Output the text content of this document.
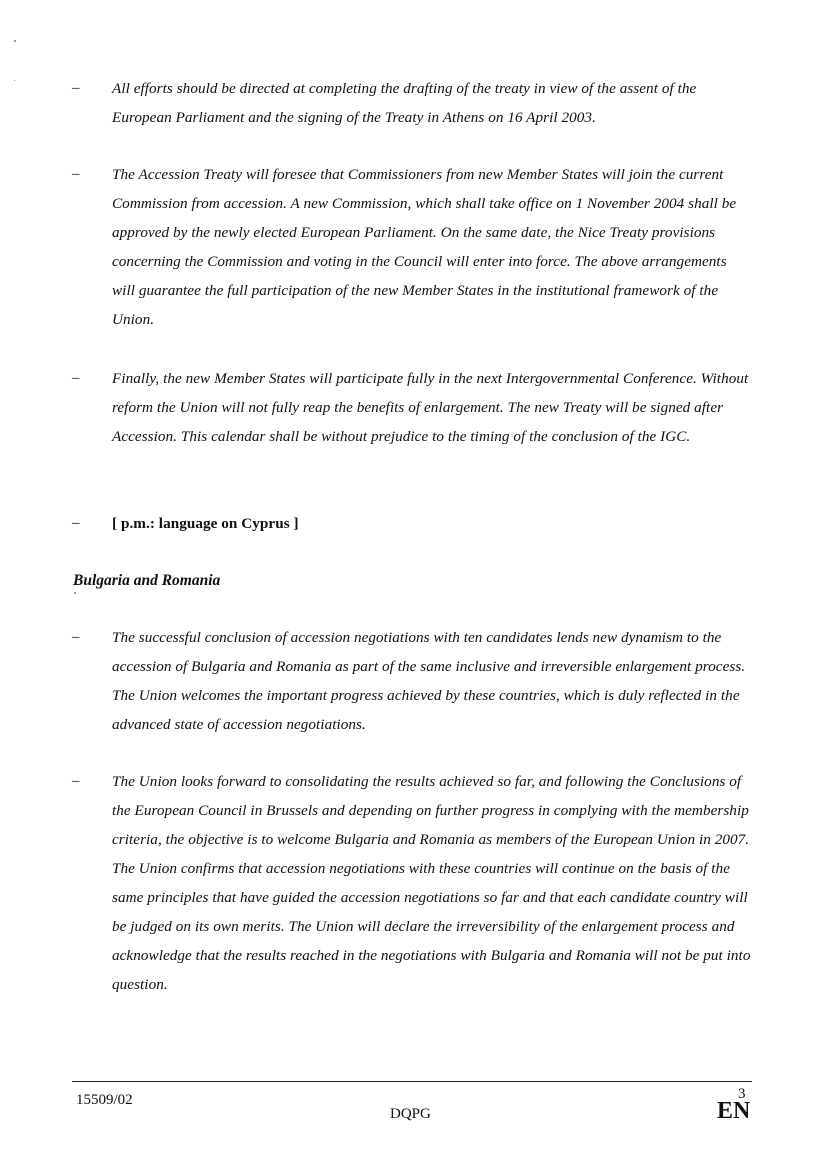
– All efforts should be directed at completing the drafting of the treaty in view of the assent of the European Parliament and the signing of the Treaty in Athens on 16 April 2003.
– The Accession Treaty will foresee that Commissioners from new Member States will join the current Commission from accession. A new Commission, which shall take office on 1 November 2004 shall be approved by the newly elected European Parliament. On the same date, the Nice Treaty provisions concerning the Commission and voting in the Council will enter into force. The above arrangements will guarantee the full participation of the new Member States in the institutional framework of the Union.
– Finally, the new Member States will participate fully in the next Intergovernmental Conference. Without reform the Union will not fully reap the benefits of enlargement. The new Treaty will be signed after Accession. This calendar shall be without prejudice to the timing of the conclusion of the IGC.
– [ p.m.: language on Cyprus ]
Bulgaria and Romania
– The successful conclusion of accession negotiations with ten candidates lends new dynamism to the accession of Bulgaria and Romania as part of the same inclusive and irreversible enlargement process. The Union welcomes the important progress achieved by these countries, which is duly reflected in the advanced state of accession negotiations.
– The Union looks forward to consolidating the results achieved so far, and following the Conclusions of the European Council in Brussels and depending on further progress in complying with the membership criteria, the objective is to welcome Bulgaria and Romania as members of the European Union in 2007. The Union confirms that accession negotiations with these countries will continue on the basis of the same principles that have guided the accession negotiations so far and that each candidate country will be judged on its own merits. The Union will declare the irreversibility of the enlargement process and acknowledge that the results reached in the negotiations with Bulgaria and Romania will not be put into question.
15509/02
DQPG
3
EN
